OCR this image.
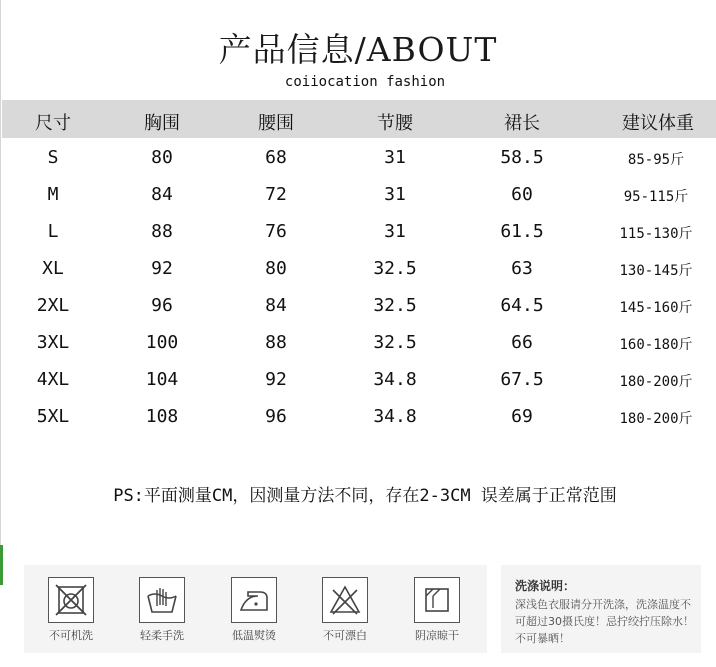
产品信息/ABOUT
coiiocation fashion
尺寸	胸围	腰围	节腰	裙长	建议体重
S	80	68	31	58.5	85-95斤
M	84	72	31	60	95-115斤
L	88	76	31	61.5	115-130斤
XL	92	80	32.5	63	130-145斤
2XL	96	84	32.5	64.5	145-160斤
3XL	100	88	32.5	66	160-180斤
4XL	104	92	34.8	67.5	180-200斤
5XL	108	96	34.8	69	180-200斤
PS:平面测量CM，因测量方法不同，存在2-3CM 误差属于正常范围
不可机洗	轻柔手洗	低温熨烫	不可漂白	阴凉晾干
洗涤说明：
深浅色衣服请分开洗涤，洗涤温度不可超过30摄氏度！忌拧绞拧压除水！不可暴晒！
